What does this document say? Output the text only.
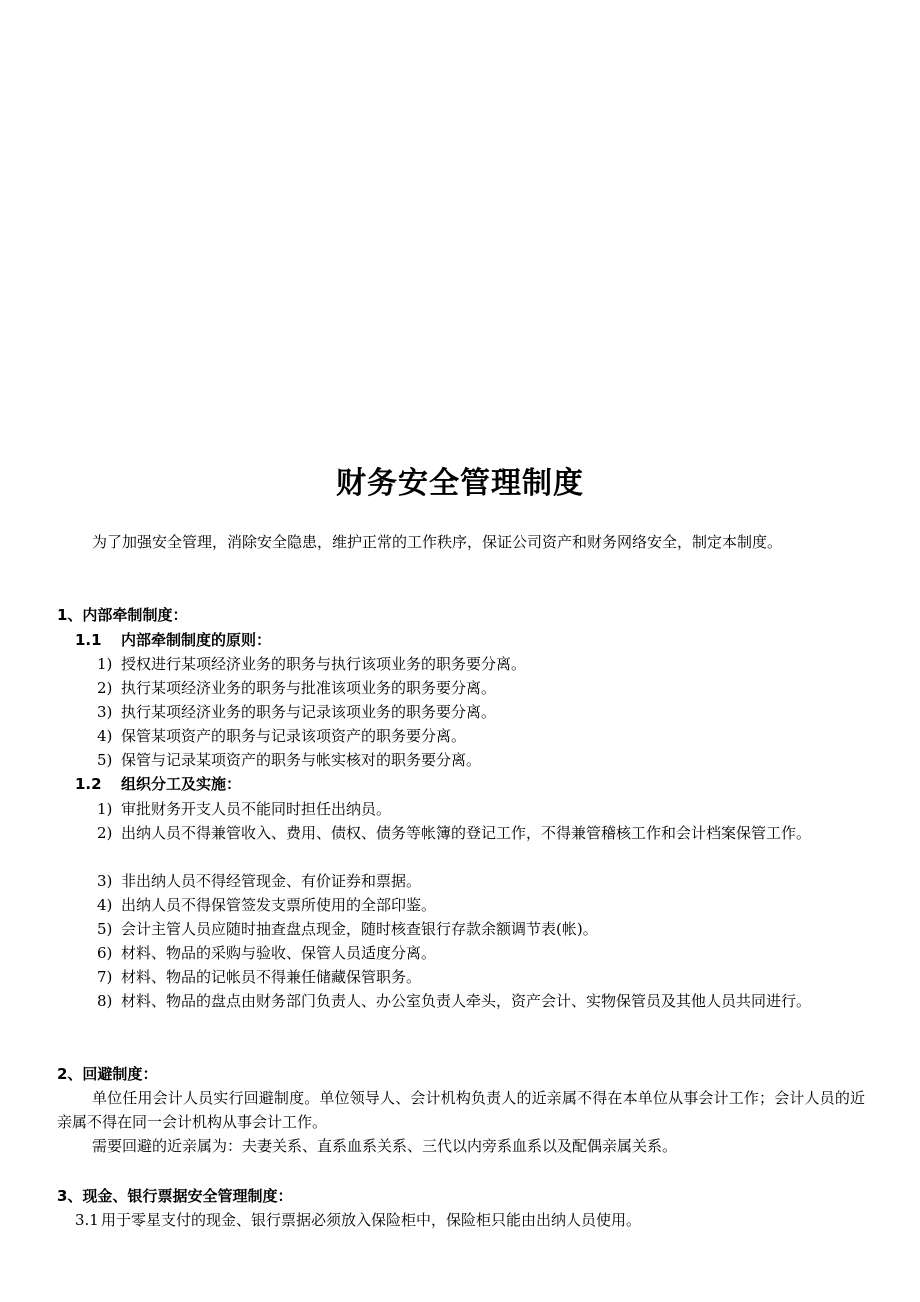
财务安全管理制度
为了加强安全管理，消除安全隐患，维护正常的工作秩序，保证公司资产和财务网络安全，制定本制度。
1、内部牵制制度：
1.1 内部牵制制度的原则：
1) 授权进行某项经济业务的职务与执行该项业务的职务要分离。
2) 执行某项经济业务的职务与批准该项业务的职务要分离。
3) 执行某项经济业务的职务与记录该项业务的职务要分离。
4) 保管某项资产的职务与记录该项资产的职务要分离。
5) 保管与记录某项资产的职务与帐实核对的职务要分离。
1.2 组织分工及实施：
1) 审批财务开支人员不能同时担任出纳员。
2) 出纳人员不得兼管收入、费用、债权、债务等帐簿的登记工作，不得兼管稽核工作和会计档案保管工作。
3) 非出纳人员不得经管现金、有价证券和票据。
4) 出纳人员不得保管签发支票所使用的全部印鉴。
5) 会计主管人员应随时抽查盘点现金，随时核查银行存款余额调节表(帐)。
6) 材料、物品的采购与验收、保管人员适度分离。
7) 材料、物品的记帐员不得兼任储藏保管职务。
8) 材料、物品的盘点由财务部门负责人、办公室负责人牵头，资产会计、实物保管员及其他人员共同进行。
2、回避制度：
单位任用会计人员实行回避制度。单位领导人、会计机构负责人的近亲属不得在本单位从事会计工作；会计人员的近亲属不得在同一会计机构从事会计工作。
需要回避的近亲属为：夫妻关系、直系血系关系、三代以内旁系血系以及配偶亲属关系。
3、现金、银行票据安全管理制度：
3.1 用于零星支付的现金、银行票据必须放入保险柜中，保险柜只能由出纳人员使用。
